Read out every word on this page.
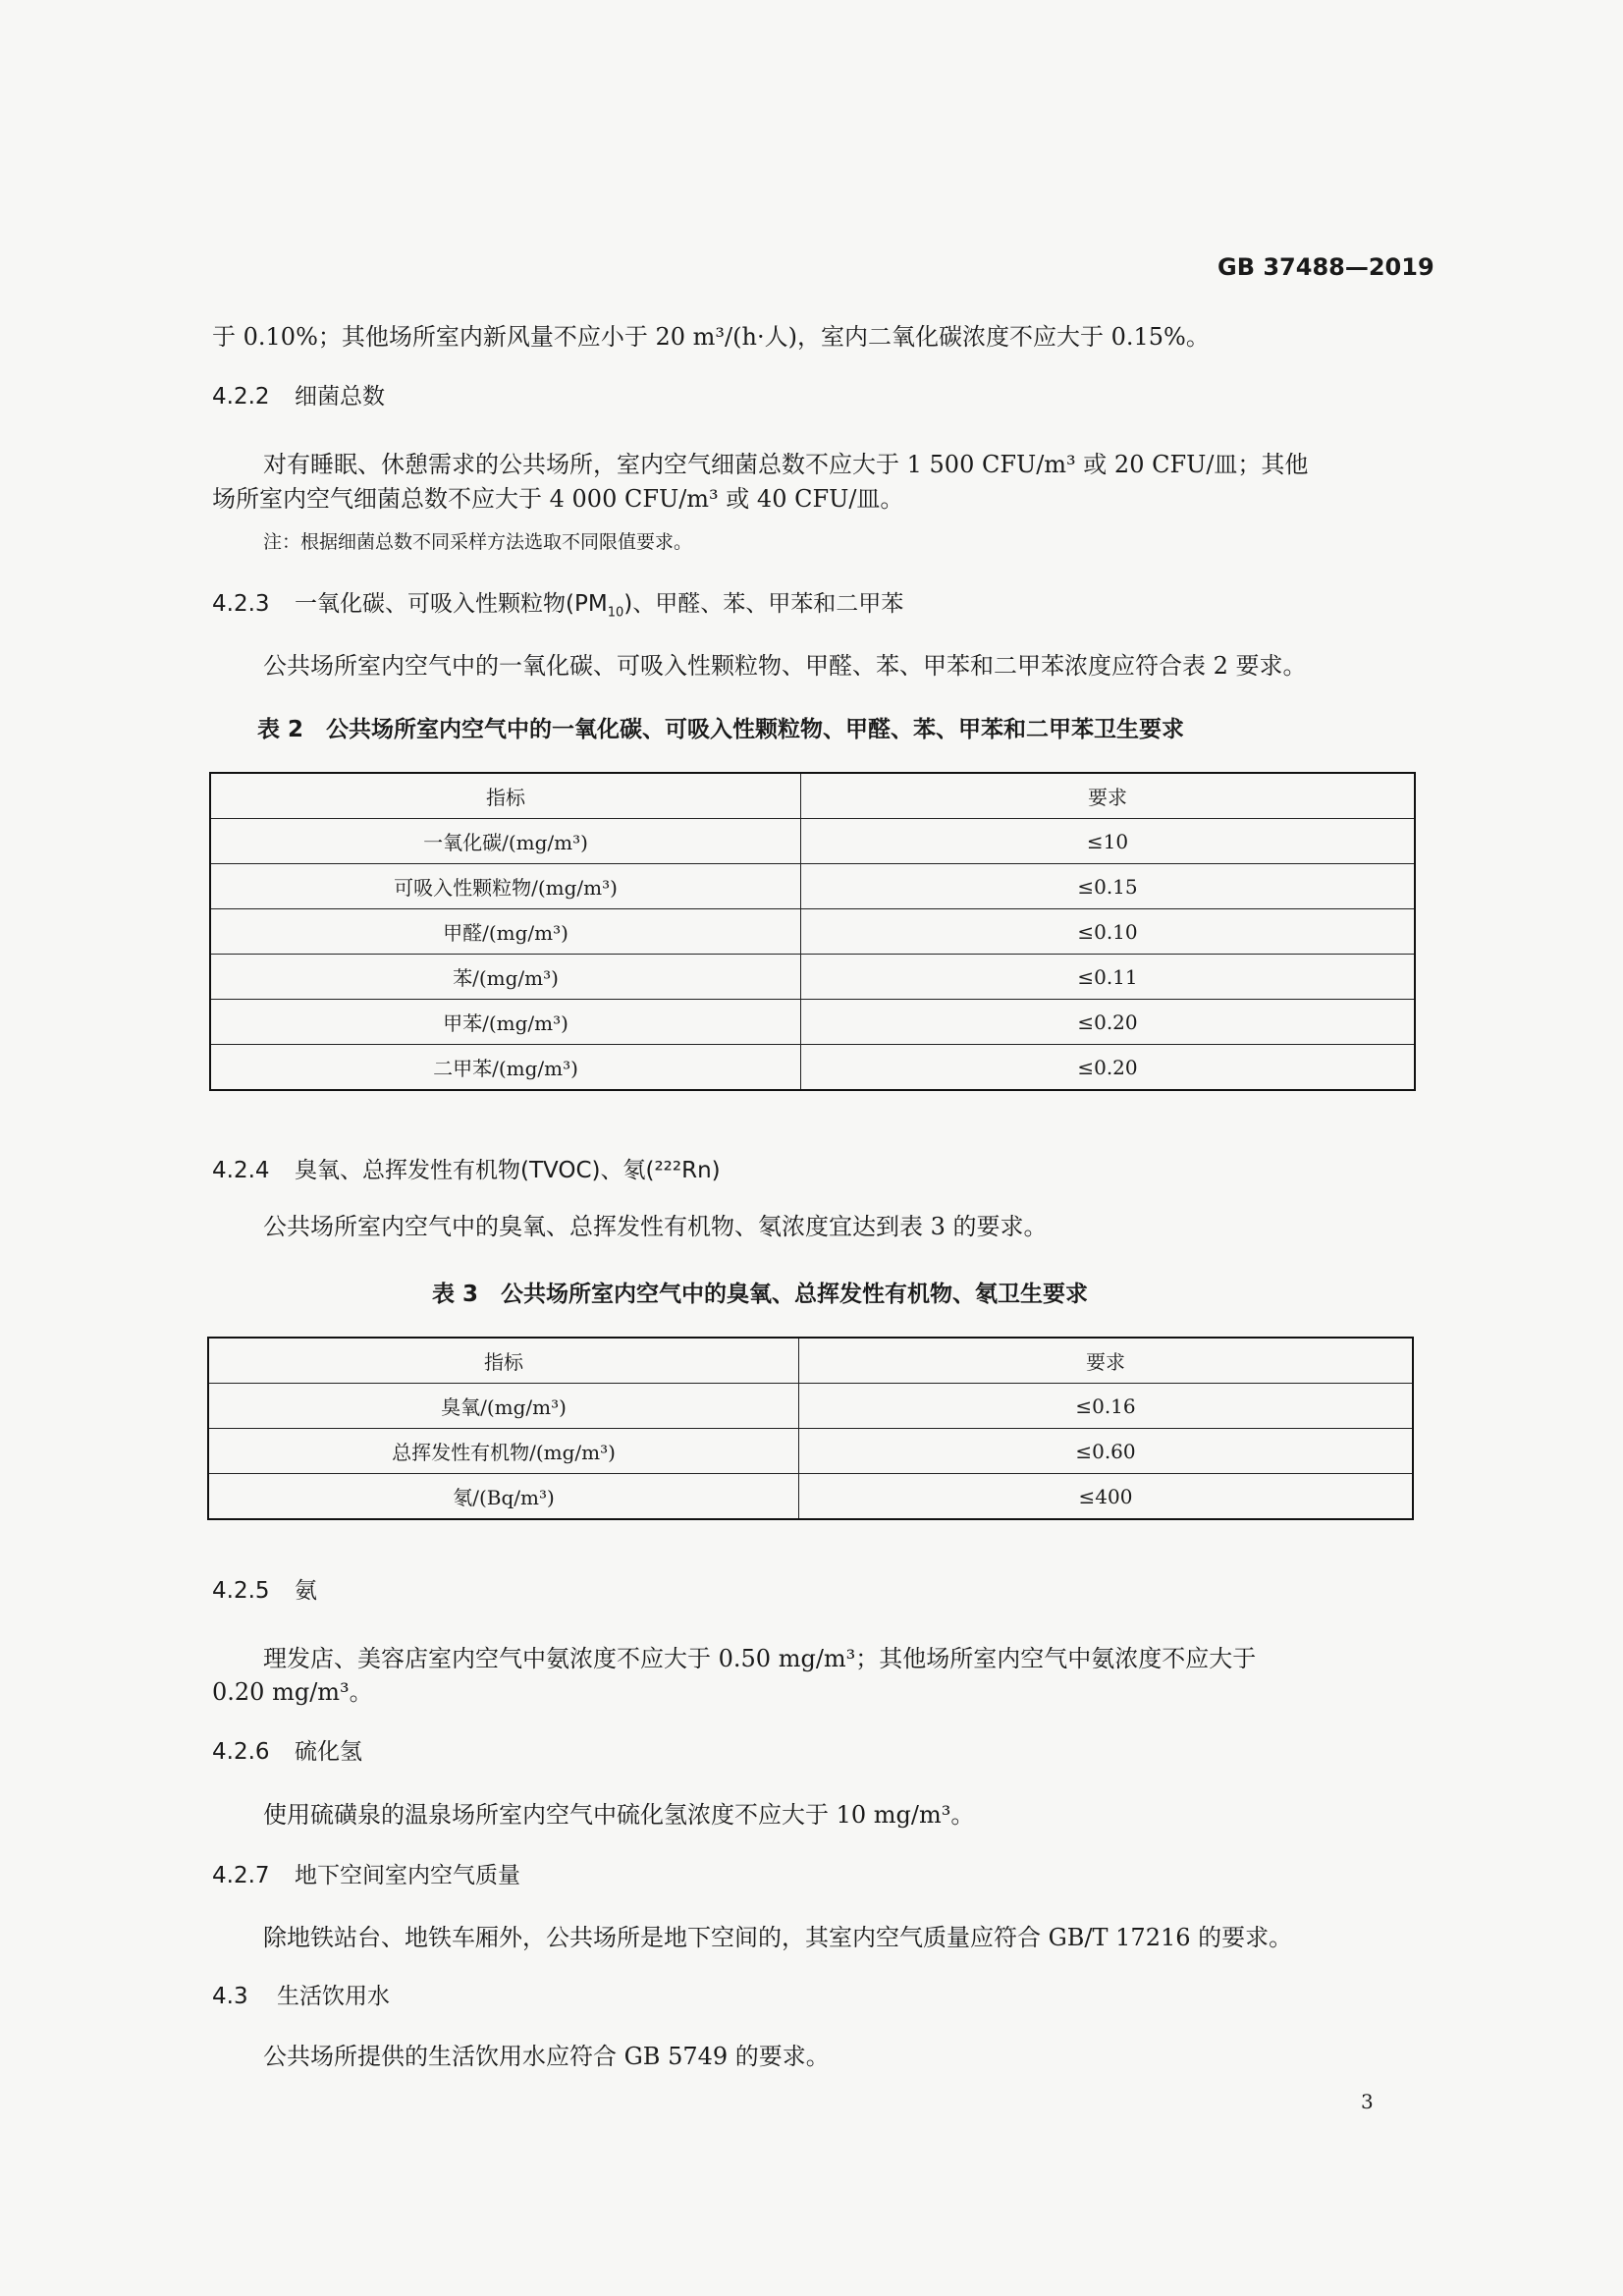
GB 37488—2019
于 0.10%；其他场所室内新风量不应小于 20 m³/(h·人)，室内二氧化碳浓度不应大于 0.15%。
4.2.2 细菌总数
对有睡眠、休憩需求的公共场所，室内空气细菌总数不应大于 1 500 CFU/m³ 或 20 CFU/皿；其他
场所室内空气细菌总数不应大于 4 000 CFU/m³ 或 40 CFU/皿。
注：根据细菌总数不同采样方法选取不同限值要求。
4.2.3 一氧化碳、可吸入性颗粒物$(PM_{10})$、甲醛、苯、甲苯和二甲苯
公共场所室内空气中的一氧化碳、可吸入性颗粒物、甲醛、苯、甲苯和二甲苯浓度应符合表 2 要求。
表 2　公共场所室内空气中的一氧化碳、可吸入性颗粒物、甲醛、苯、甲苯和二甲苯卫生要求
指标	要求
一氧化碳/(mg/m³)	≤10
可吸入性颗粒物/(mg/m³)	≤0.15
甲醛/(mg/m³)	≤0.10
苯/(mg/m³)	≤0.11
甲苯/(mg/m³)	≤0.20
二甲苯/(mg/m³)	≤0.20
4.2.4 臭氧、总挥发性有机物(TVOC)、氡(²²²Rn)
公共场所室内空气中的臭氧、总挥发性有机物、氡浓度宜达到表 3 的要求。
表 3　公共场所室内空气中的臭氧、总挥发性有机物、氡卫生要求
指标	要求
臭氧/(mg/m³)	≤0.16
总挥发性有机物/(mg/m³)	≤0.60
氡/(Bq/m³)	≤400
4.2.5 氨
理发店、美容店室内空气中氨浓度不应大于 0.50 mg/m³；其他场所室内空气中氨浓度不应大于
0.20 mg/m³。
4.2.6 硫化氢
使用硫磺泉的温泉场所室内空气中硫化氢浓度不应大于 10 mg/m³。
4.2.7 地下空间室内空气质量
除地铁站台、地铁车厢外，公共场所是地下空间的，其室内空气质量应符合 GB/T 17216 的要求。
4.3 生活饮用水
公共场所提供的生活饮用水应符合 GB 5749 的要求。
3
